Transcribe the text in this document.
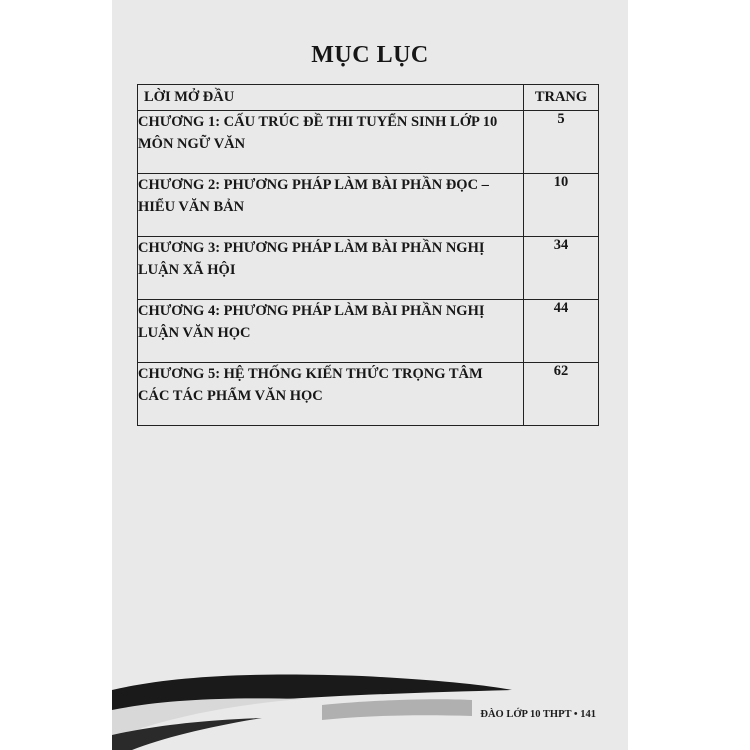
MỤC LỤC
LỜI MỞ ĐẦU	TRANG

CHƯƠNG 1: CẤU TRÚC ĐỀ THI TUYỂN SINH LỚP 10
MÔN NGỮ VĂN	5

CHƯƠNG 2: PHƯƠNG PHÁP LÀM BÀI PHẦN ĐỌC –
HIỂU VĂN BẢN	10

CHƯƠNG 3: PHƯƠNG PHÁP LÀM BÀI PHẦN NGHỊ
LUẬN XÃ HỘI	34

CHƯƠNG 4: PHƯƠNG PHÁP LÀM BÀI PHẦN NGHỊ
LUẬN VĂN HỌC	44

CHƯƠNG 5: HỆ THỐNG KIẾN THỨC TRỌNG TÂM
CÁC TÁC PHẨM VĂN HỌC	62
ĐÀO LỚP 10 THPT • 141
